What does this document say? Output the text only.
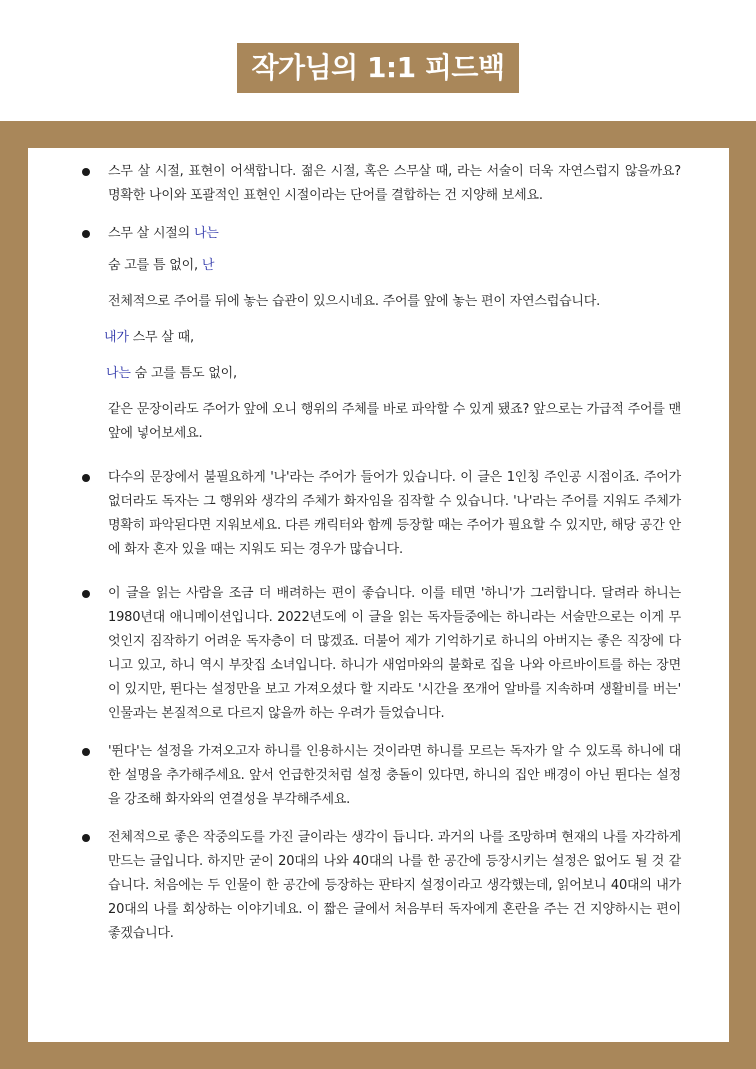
작가님의 1:1 피드백
스무 살 시절, 표현이 어색합니다. 젊은 시절, 혹은 스무살 때, 라는 서술이 더욱 자연스럽지 않을까요? 명확한 나이와 포괄적인 표현인 시절이라는 단어를 결합하는 건 지양해 보세요.
스무 살 시절의 나는
숨 고를 틈 없이, 난
전체적으로 주어를 뒤에 놓는 습관이 있으시네요. 주어를 앞에 놓는 편이 자연스럽습니다.
내가 스무 살 때,
나는 숨 고를 틈도 없이,
같은 문장이라도 주어가 앞에 오니 행위의 주체를 바로 파악할 수 있게 됐죠? 앞으로는 가급적 주어를 맨 앞에 넣어보세요.
다수의 문장에서 불필요하게 '나'라는 주어가 들어가 있습니다. 이 글은 1인칭 주인공 시점이죠. 주어가 없더라도 독자는 그 행위와 생각의 주체가 화자임을 짐작할 수 있습니다. '나'라는 주어를 지워도 주체가 명확히 파악된다면 지워보세요. 다른 캐릭터와 함께 등장할 때는 주어가 필요할 수 있지만, 해당 공간 안에 화자 혼자 있을 때는 지워도 되는 경우가 많습니다.
이 글을 읽는 사람을 조금 더 배려하는 편이 좋습니다. 이를 테면 '하니'가 그러합니다. 달려라 하니는 1980년대 애니메이션입니다. 2022년도에 이 글을 읽는 독자들중에는 하니라는 서술만으로는 이게 무엇인지 짐작하기 어려운 독자층이 더 많겠죠. 더불어 제가 기억하기로 하니의 아버지는 좋은 직장에 다니고 있고, 하니 역시 부잣집 소녀입니다. 하니가 새엄마와의 불화로 집을 나와 아르바이트를 하는 장면이 있지만, 뛴다는 설정만을 보고 가져오셨다 할 지라도 '시간을 쪼개어 알바를 지속하며 생활비를 버는' 인물과는 본질적으로 다르지 않을까 하는 우려가 들었습니다.
'뛴다'는 설정을 가져오고자 하니를 인용하시는 것이라면 하니를 모르는 독자가 알 수 있도록 하니에 대한 설명을 추가해주세요. 앞서 언급한것처럼 설정 충돌이 있다면, 하니의 집안 배경이 아닌 뛴다는 설정을 강조해 화자와의 연결성을 부각해주세요.
전체적으로 좋은 작중의도를 가진 글이라는 생각이 듭니다. 과거의 나를 조망하며 현재의 나를 자각하게 만드는 글입니다. 하지만 굳이 20대의 나와 40대의 나를 한 공간에 등장시키는 설정은 없어도 될 것 같습니다. 처음에는 두 인물이 한 공간에 등장하는 판타지 설정이라고 생각했는데, 읽어보니 40대의 내가 20대의 나를 회상하는 이야기네요. 이 짧은 글에서 처음부터 독자에게 혼란을 주는 건 지양하시는 편이 좋겠습니다.
